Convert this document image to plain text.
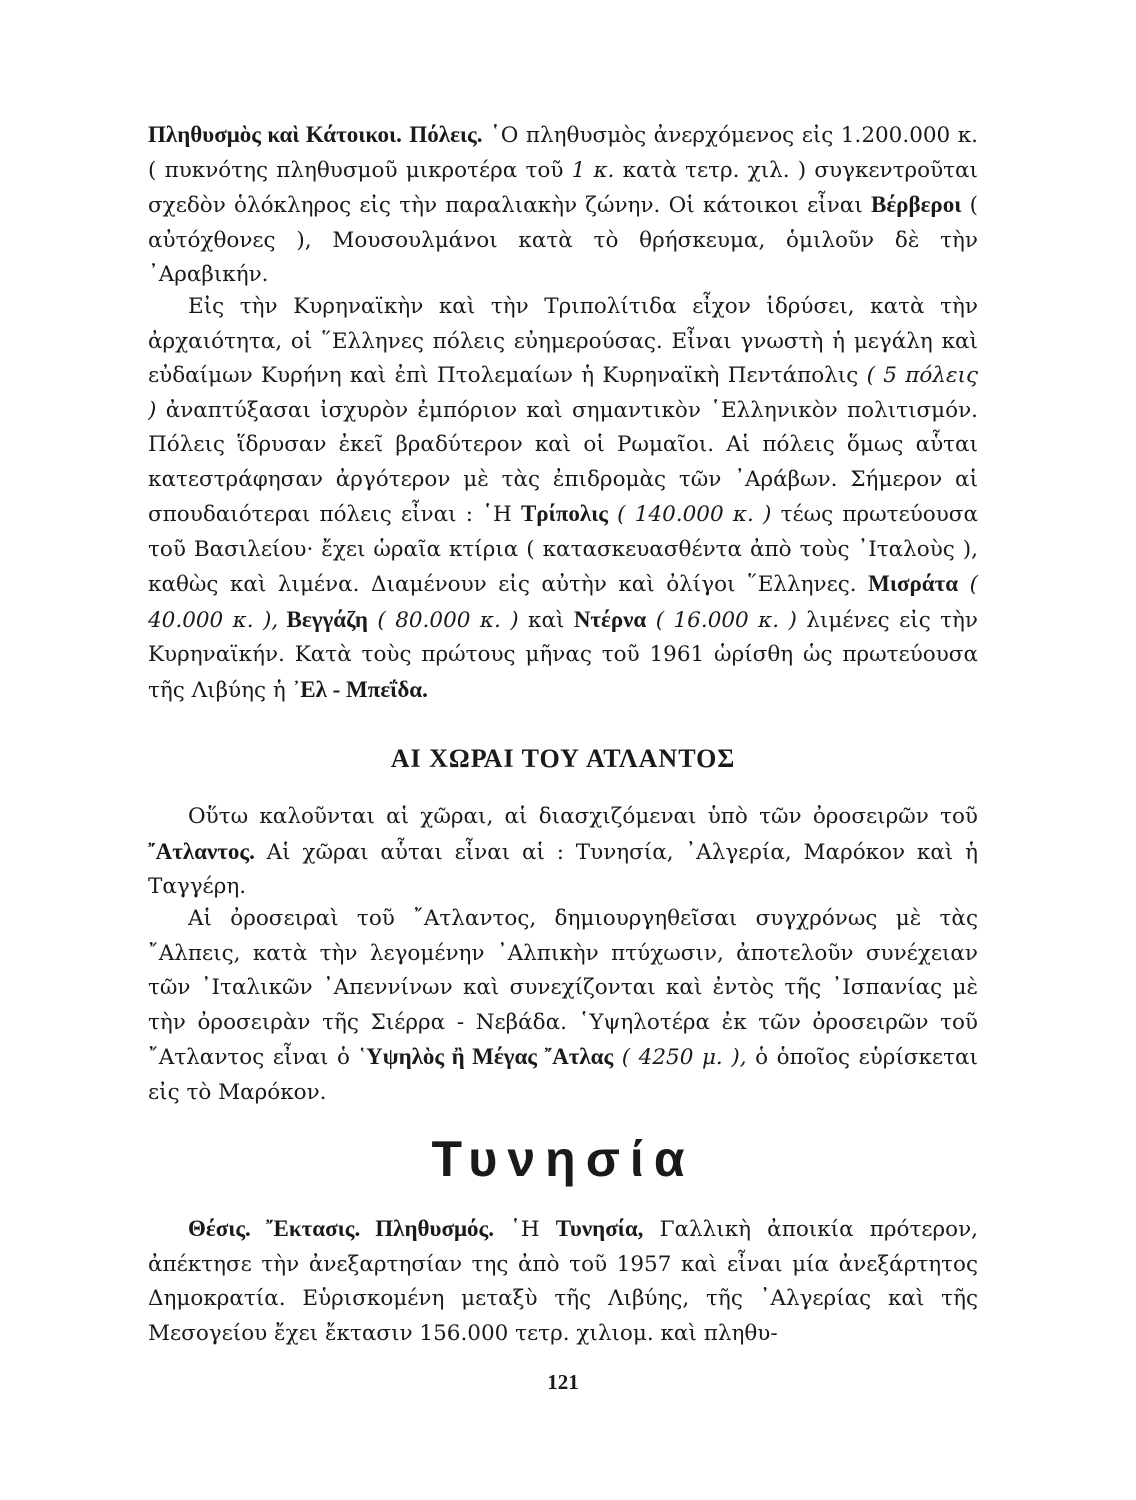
Πληθυσμὸς καὶ Κάτοικοι. Πόλεις. ῾Ο πληθυσμὸς ἀνερχόμενος εἰς 1.200.000 κ. ( πυκνότης πληθυσμοῦ μικροτέρα τοῦ 1 κ. κατὰ τετρ. χιλ. ) συγκεντροῦται σχεδὸν ὁλόκληρος εἰς τὴν παραλιακὴν ζώνην. Οἱ κάτοικοι εἶναι Βέρβεροι ( αὐτόχθονες ), Μουσουλμάνοι κατὰ τὸ θρήσκευμα, ὁμιλοῦν δὲ τὴν ᾿Αραβικήν.

Εἰς τὴν Κυρηναϊκὴν καὶ τὴν Τριπολίτιδα εἶχον ἱδρύσει, κατὰ τὴν ἀρχαιότητα, οἱ ῞Ελληνες πόλεις εὐημερούσας. Εἶναι γνωστὴ ἡ μεγάλη καὶ εὐδαίμων Κυρήνη καὶ ἐπὶ Πτολεμαίων ἡ Κυρηναϊκὴ Πεντάπολις ( 5 πόλεις ) ἀναπτύξασαι ἰσχυρὸν ἐμπόριον καὶ σημαντικὸν ῾Ελληνικὸν πολιτισμόν. Πόλεις ἵδρυσαν ἐκεῖ βραδύτερον καὶ οἱ Ρωμαῖοι. Αἱ πόλεις ὅμως αὗται κατεστράφησαν ἀργότερον μὲ τὰς ἐπιδρομὰς τῶν ᾿Αράβων. Σήμερον αἱ σπουδαιότεραι πόλεις εἶναι : ῾Η Τρίπολις ( 140.000 κ. ) τέως πρωτεύουσα τοῦ Βασιλείου· ἔχει ὡραῖα κτίρια ( κατασκευασθέντα ἀπὸ τοὺς ᾿Ιταλοὺς ), καθὼς καὶ λιμένα. Διαμένουν εἰς αὐτὴν καὶ ὀλίγοι ῞Ελληνες. Μισράτα ( 40.000 κ. ), Βεγγάζη ( 80.000 κ. ) καὶ Ντέρνα ( 16.000 κ. ) λιμένες εἰς τὴν Κυρηναϊκήν. Κατὰ τοὺς πρώτους μῆνας τοῦ 1961 ὡρίσθη ὡς πρωτεύουσα τῆς Λιβύης ἡ ᾿Ελ - Μπεΐδα.

ΑΙ ΧΩΡΑΙ ΤΟΥ ΑΤΛΑΝΤΟΣ

Οὕτω καλοῦνται αἱ χῶραι, αἱ διασχιζόμεναι ὑπὸ τῶν ὀροσειρῶν τοῦ ῎Ατλαντος. Αἱ χῶραι αὗται εἶναι αἱ : Τυνησία, ᾿Αλγερία, Μαρόκον καὶ ἡ Ταγγέρη.

Αἱ ὀροσειραὶ τοῦ ῎Ατλαντος, δημιουργηθεῖσαι συγχρόνως μὲ τὰς ῎Αλπεις, κατὰ τὴν λεγομένην ᾿Αλπικὴν πτύχωσιν, ἀποτελοῦν συνέχειαν τῶν ᾿Ιταλικῶν ᾿Απεννίνων καὶ συνεχίζονται καὶ ἐντὸς τῆς ᾿Ισπανίας μὲ τὴν ὀροσειρὰν τῆς Σιέρρα - Νεβάδα. ῾Υψηλοτέρα ἐκ τῶν ὀροσειρῶν τοῦ ῎Ατλαντος εἶναι ὁ ῾Υψηλὸς ἢ Μέγας ῎Ατλας ( 4250 μ. ), ὁ ὁποῖος εὑρίσκεται εἰς τὸ Μαρόκον.

Τυνησία

Θέσις. ῎Εκτασις. Πληθυσμός. ῾Η Τυνησία, Γαλλικὴ ἀποικία πρότερον, ἀπέκτησε τὴν ἀνεξαρτησίαν της ἀπὸ τοῦ 1957 καὶ εἶναι μία ἀνεξάρτητος Δημοκρατία. Εὑρισκομένη μεταξὺ τῆς Λιβύης, τῆς ᾿Αλγερίας καὶ τῆς Μεσογείου ἔχει ἔκτασιν 156.000 τετρ. χιλιομ. καὶ πληθυ-

121
